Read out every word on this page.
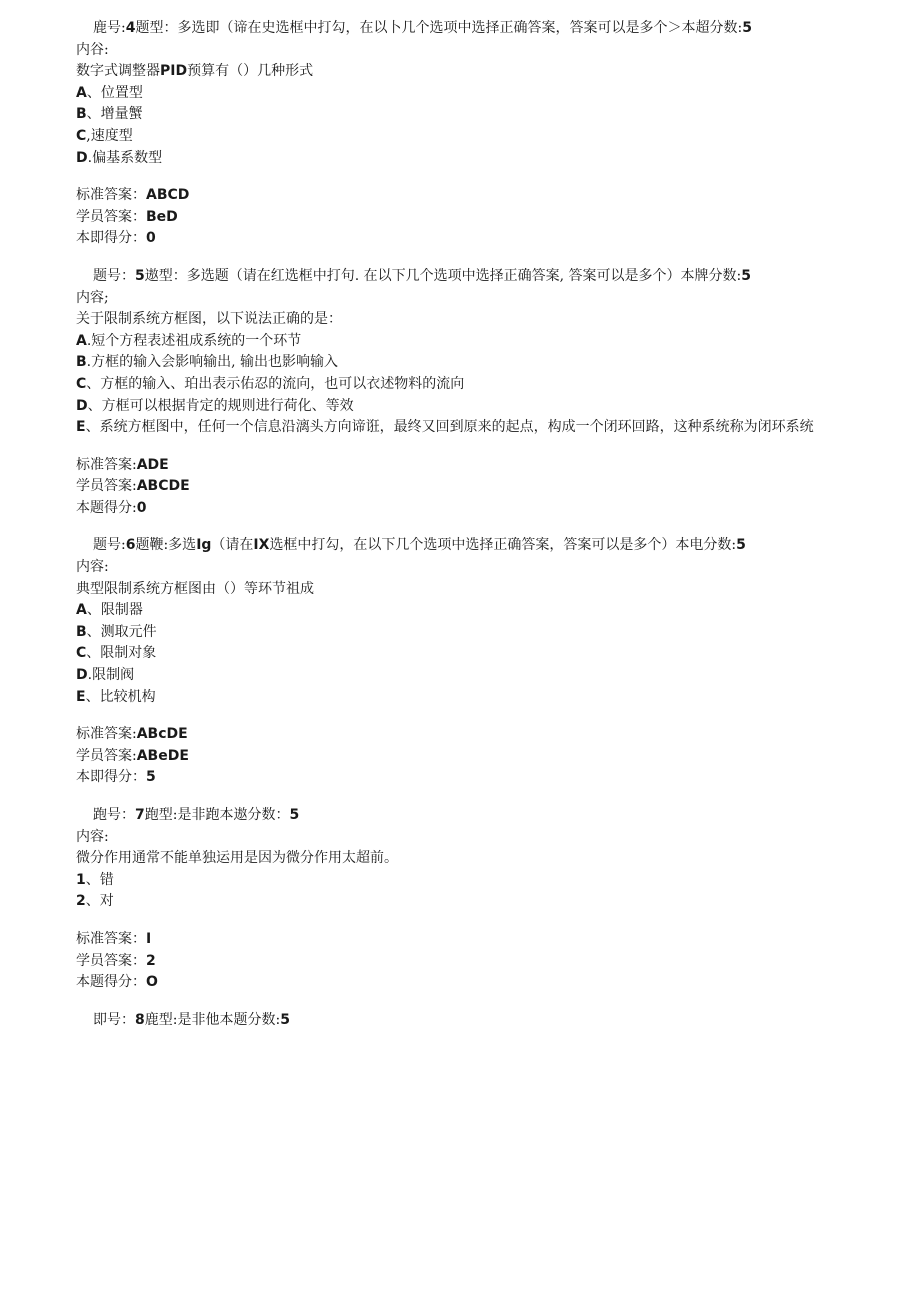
鹿号:4题型：多选即（谛在史选框中打勾，在以卜几个选项中选择正确答案，答案可以是多个＞本超分数:5
内谷:
数字式调整器PID预算有（）几种形式
A、位置型
B、增量蟹
C,速度型
D.偏基系数型
标准答案：ABCD
学员答案：BeD
本即得分：0
题号：5遨型：多选题（请在红选框中打句. 在以下几个选项中选择正确答案, 答案可以是多个）本牌分数:5
内容;
关于限制系统方框图，以下说法正确的是：
A.短个方程表述祖成系统的一个环节
B.方框的输入会影响输出, 输出也影响输入
C、方框的输入、珀出表示佑忍的流向，也可以衣述物料的流向
D、方框可以根据肯定的规则进行荷化、等效
E、系统方框图中，任何一个信息沿漓头方向谛诳，最终又回到原来的起点，构成一个闭环回路，这种系统称为闭环系统
标准答案:ADE
学员答案:ABCDE
本题得分:0
题号:6题鞭:多选Ig（请在IX选框中打勾，在以下几个选项中选择正确答案，答案可以是多个）本电分数:5
内容:
典型限制系统方框图由（）等环节祖成
A、限制器
B、测取元件
C、限制对象
D.限制阀
E、比较机构
标准答案:ABcDE
学员答案:ABeDE
本即得分：5
跑号：7跑型:是非跑本遨分数：5
内容:
微分作用通常不能单独运用是因为微分作用太超前。
1、错
2、对
标准答案：I
学员答案：2
本题得分：O
即号：8鹿型:是非他本题分数:5
